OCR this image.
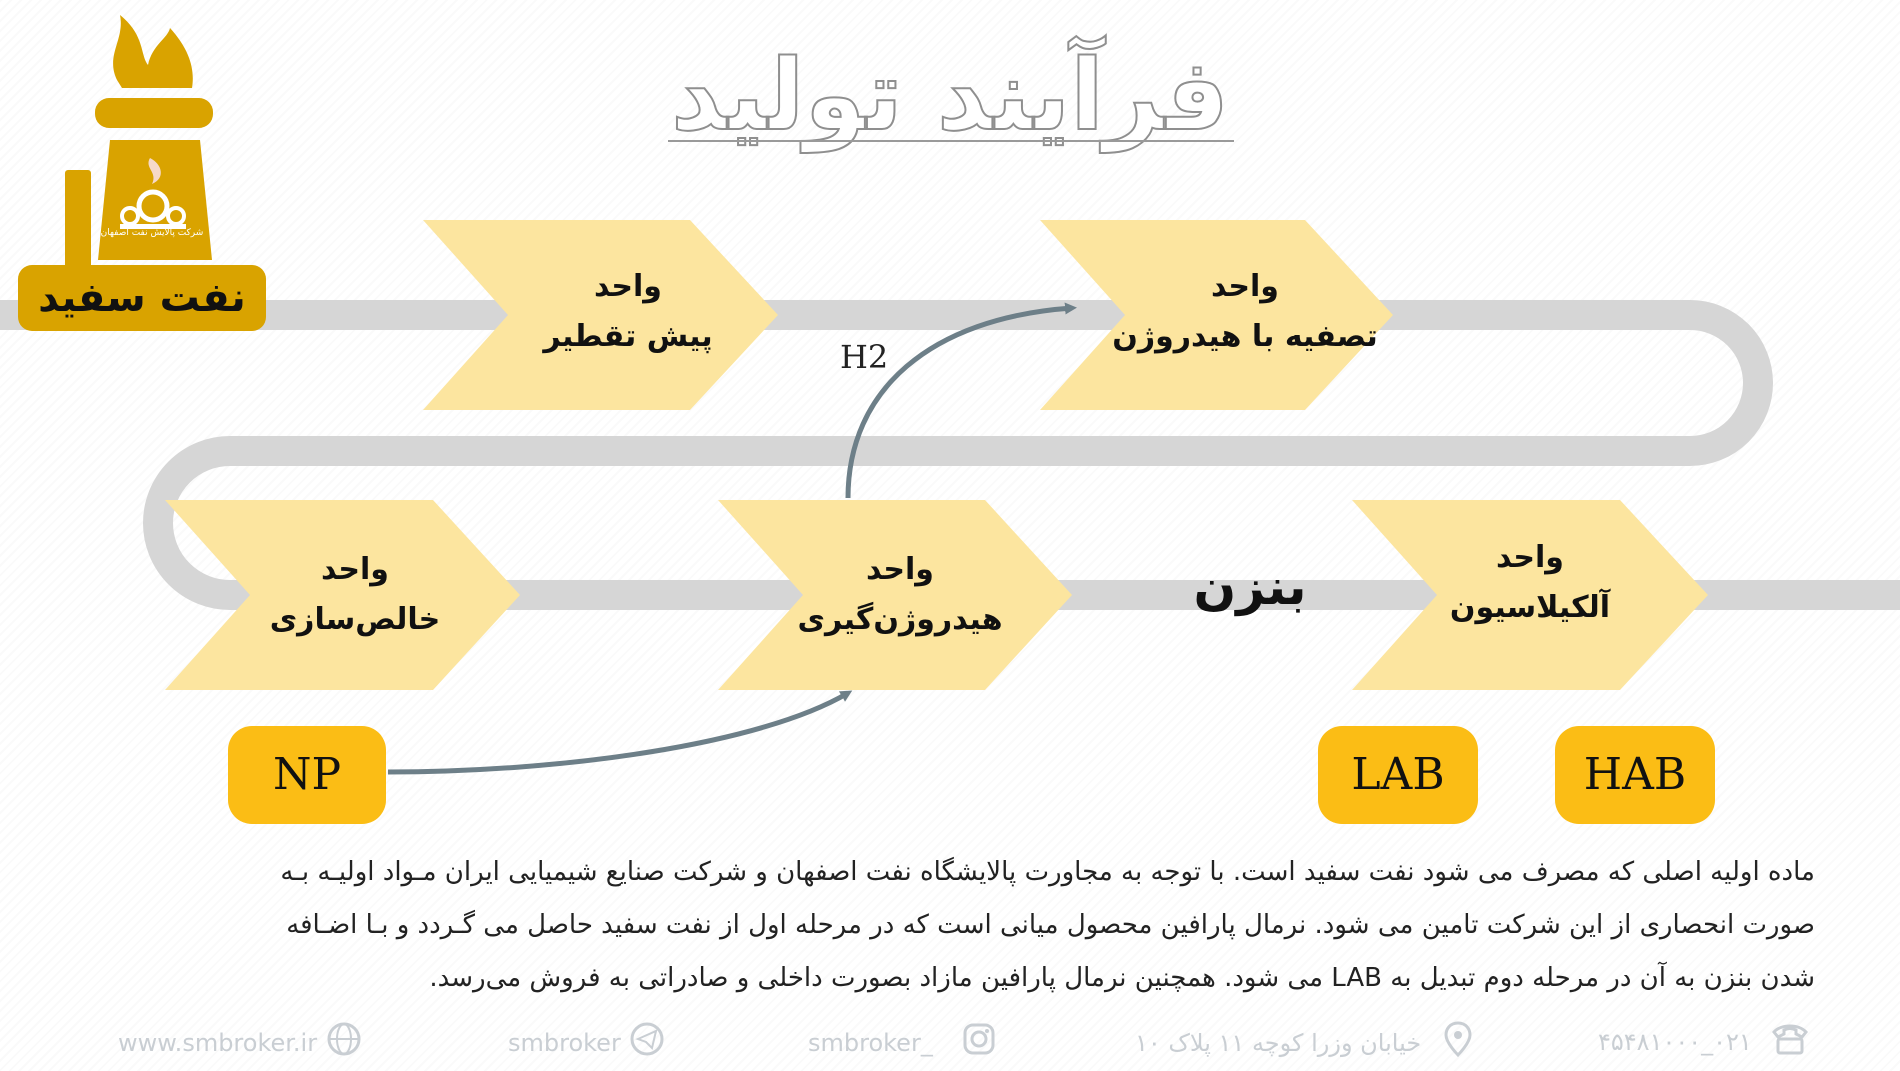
فرآیند تولید
شرکت پالایش نفت اصفهان
نفت سفید	واحد
پیش تقطیر
واحد
تصفیه با هیدروژن
واحد
خالص‌سازی
واحد
هیدروژن‌گیری
واحد
آلکیلاسیون
بنزن
H2
NP	LAB	HAB

ماده اولیه اصلی که مصرف می شود نفت سفید است. با توجه به مجاورت پالایشگاه نفت اصفهان و شرکت صنایع شیمیایی ایران مـواد اولیـه بـه

صورت انحصاری از این شرکت تامین می شود. نرمال پارافین محصول میانی است که در مرحله اول از نفت سفید حاصل می گـردد و بـا اضـافه

شدن بنزن به آن در مرحله دوم تبدیل به LAB می شود. همچنین نرمال پارافین مازاد بصورت داخلی و صادراتی به فروش می‌رسد.

www.smbroker.ir	smbroker	smbroker_	خیابان وزرا کوچه ۱۱ پلاک ۱۰	۰۲۱_۴۵۴۸۱۰۰۰
